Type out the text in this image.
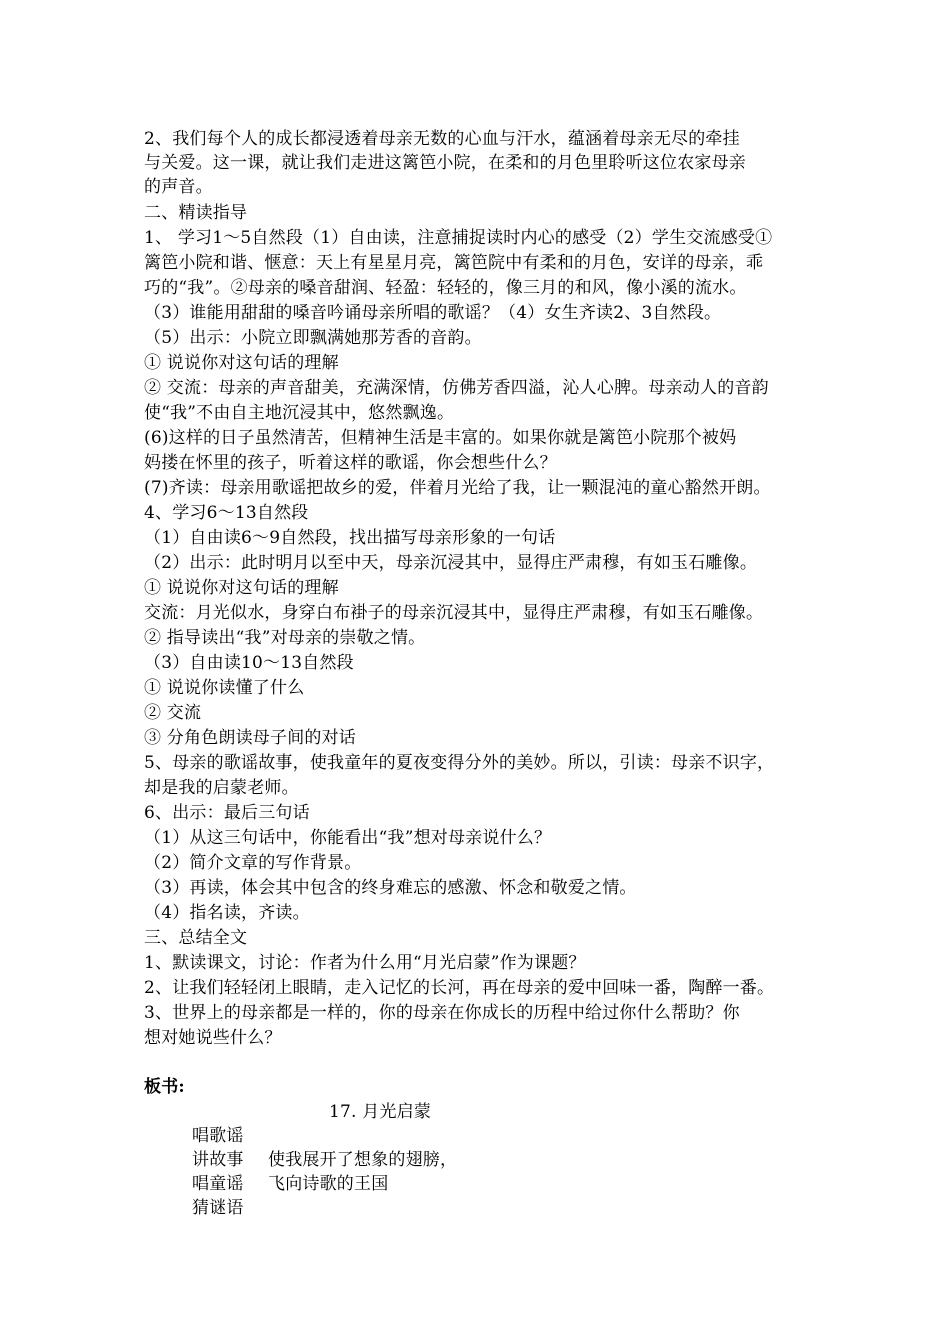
2、我们每个人的成长都浸透着母亲无数的心血与汗水，蕴涵着母亲无尽的牵挂
与关爱。这一课，就让我们走进这篱笆小院，在柔和的月色里聆听这位农家母亲
的声音。
二、精读指导
1、 学习1～5自然段（1）自由读，注意捕捉读时内心的感受（2）学生交流感受①
篱笆小院和谐、惬意：天上有星星月亮，篱笆院中有柔和的月色，安详的母亲，乖
巧的“我”。②母亲的嗓音甜润、轻盈：轻轻的，像三月的和风，像小溪的流水。
（3）谁能用甜甜的嗓音吟诵母亲所唱的歌谣？（4）女生齐读2、3自然段。
（5）出示：小院立即飘满她那芳香的音韵。
① 说说你对这句话的理解
② 交流：母亲的声音甜美，充满深情，仿佛芳香四溢，沁人心脾。母亲动人的音韵
使“我”不由自主地沉浸其中，悠然飘逸。
(6)这样的日子虽然清苦，但精神生活是丰富的。如果你就是篱笆小院那个被妈
妈搂在怀里的孩子，听着这样的歌谣，你会想些什么？
(7)齐读：母亲用歌谣把故乡的爱，伴着月光给了我，让一颗混沌的童心豁然开朗。
4、学习6～13自然段
（1）自由读6～9自然段，找出描写母亲形象的一句话
（2）出示：此时明月以至中天，母亲沉浸其中，显得庄严肃穆，有如玉石雕像。
① 说说你对这句话的理解
交流：月光似水，身穿白布褂子的母亲沉浸其中，显得庄严肃穆，有如玉石雕像。
② 指导读出“我”对母亲的崇敬之情。
（3）自由读10～13自然段
① 说说你读懂了什么
② 交流
③ 分角色朗读母子间的对话
5、母亲的歌谣故事，使我童年的夏夜变得分外的美妙。所以，引读：母亲不识字，
却是我的启蒙老师。
6、出示：最后三句话
（1）从这三句话中，你能看出“我”想对母亲说什么？
（2）简介文章的写作背景。
（3）再读，体会其中包含的终身难忘的感激、怀念和敬爱之情。
（4）指名读，齐读。
三、总结全文
1、默读课文，讨论：作者为什么用“月光启蒙”作为课题？
2、让我们轻轻闭上眼睛，走入记忆的长河，再在母亲的爱中回味一番，陶醉一番。
3、世界上的母亲都是一样的，你的母亲在你成长的历程中给过你什么帮助？你
想对她说些什么？
板书:
17. 月光启蒙
唱歌谣
讲故事
唱童谣
猜谜语
使我展开了想象的翅膀，
飞向诗歌的王国
